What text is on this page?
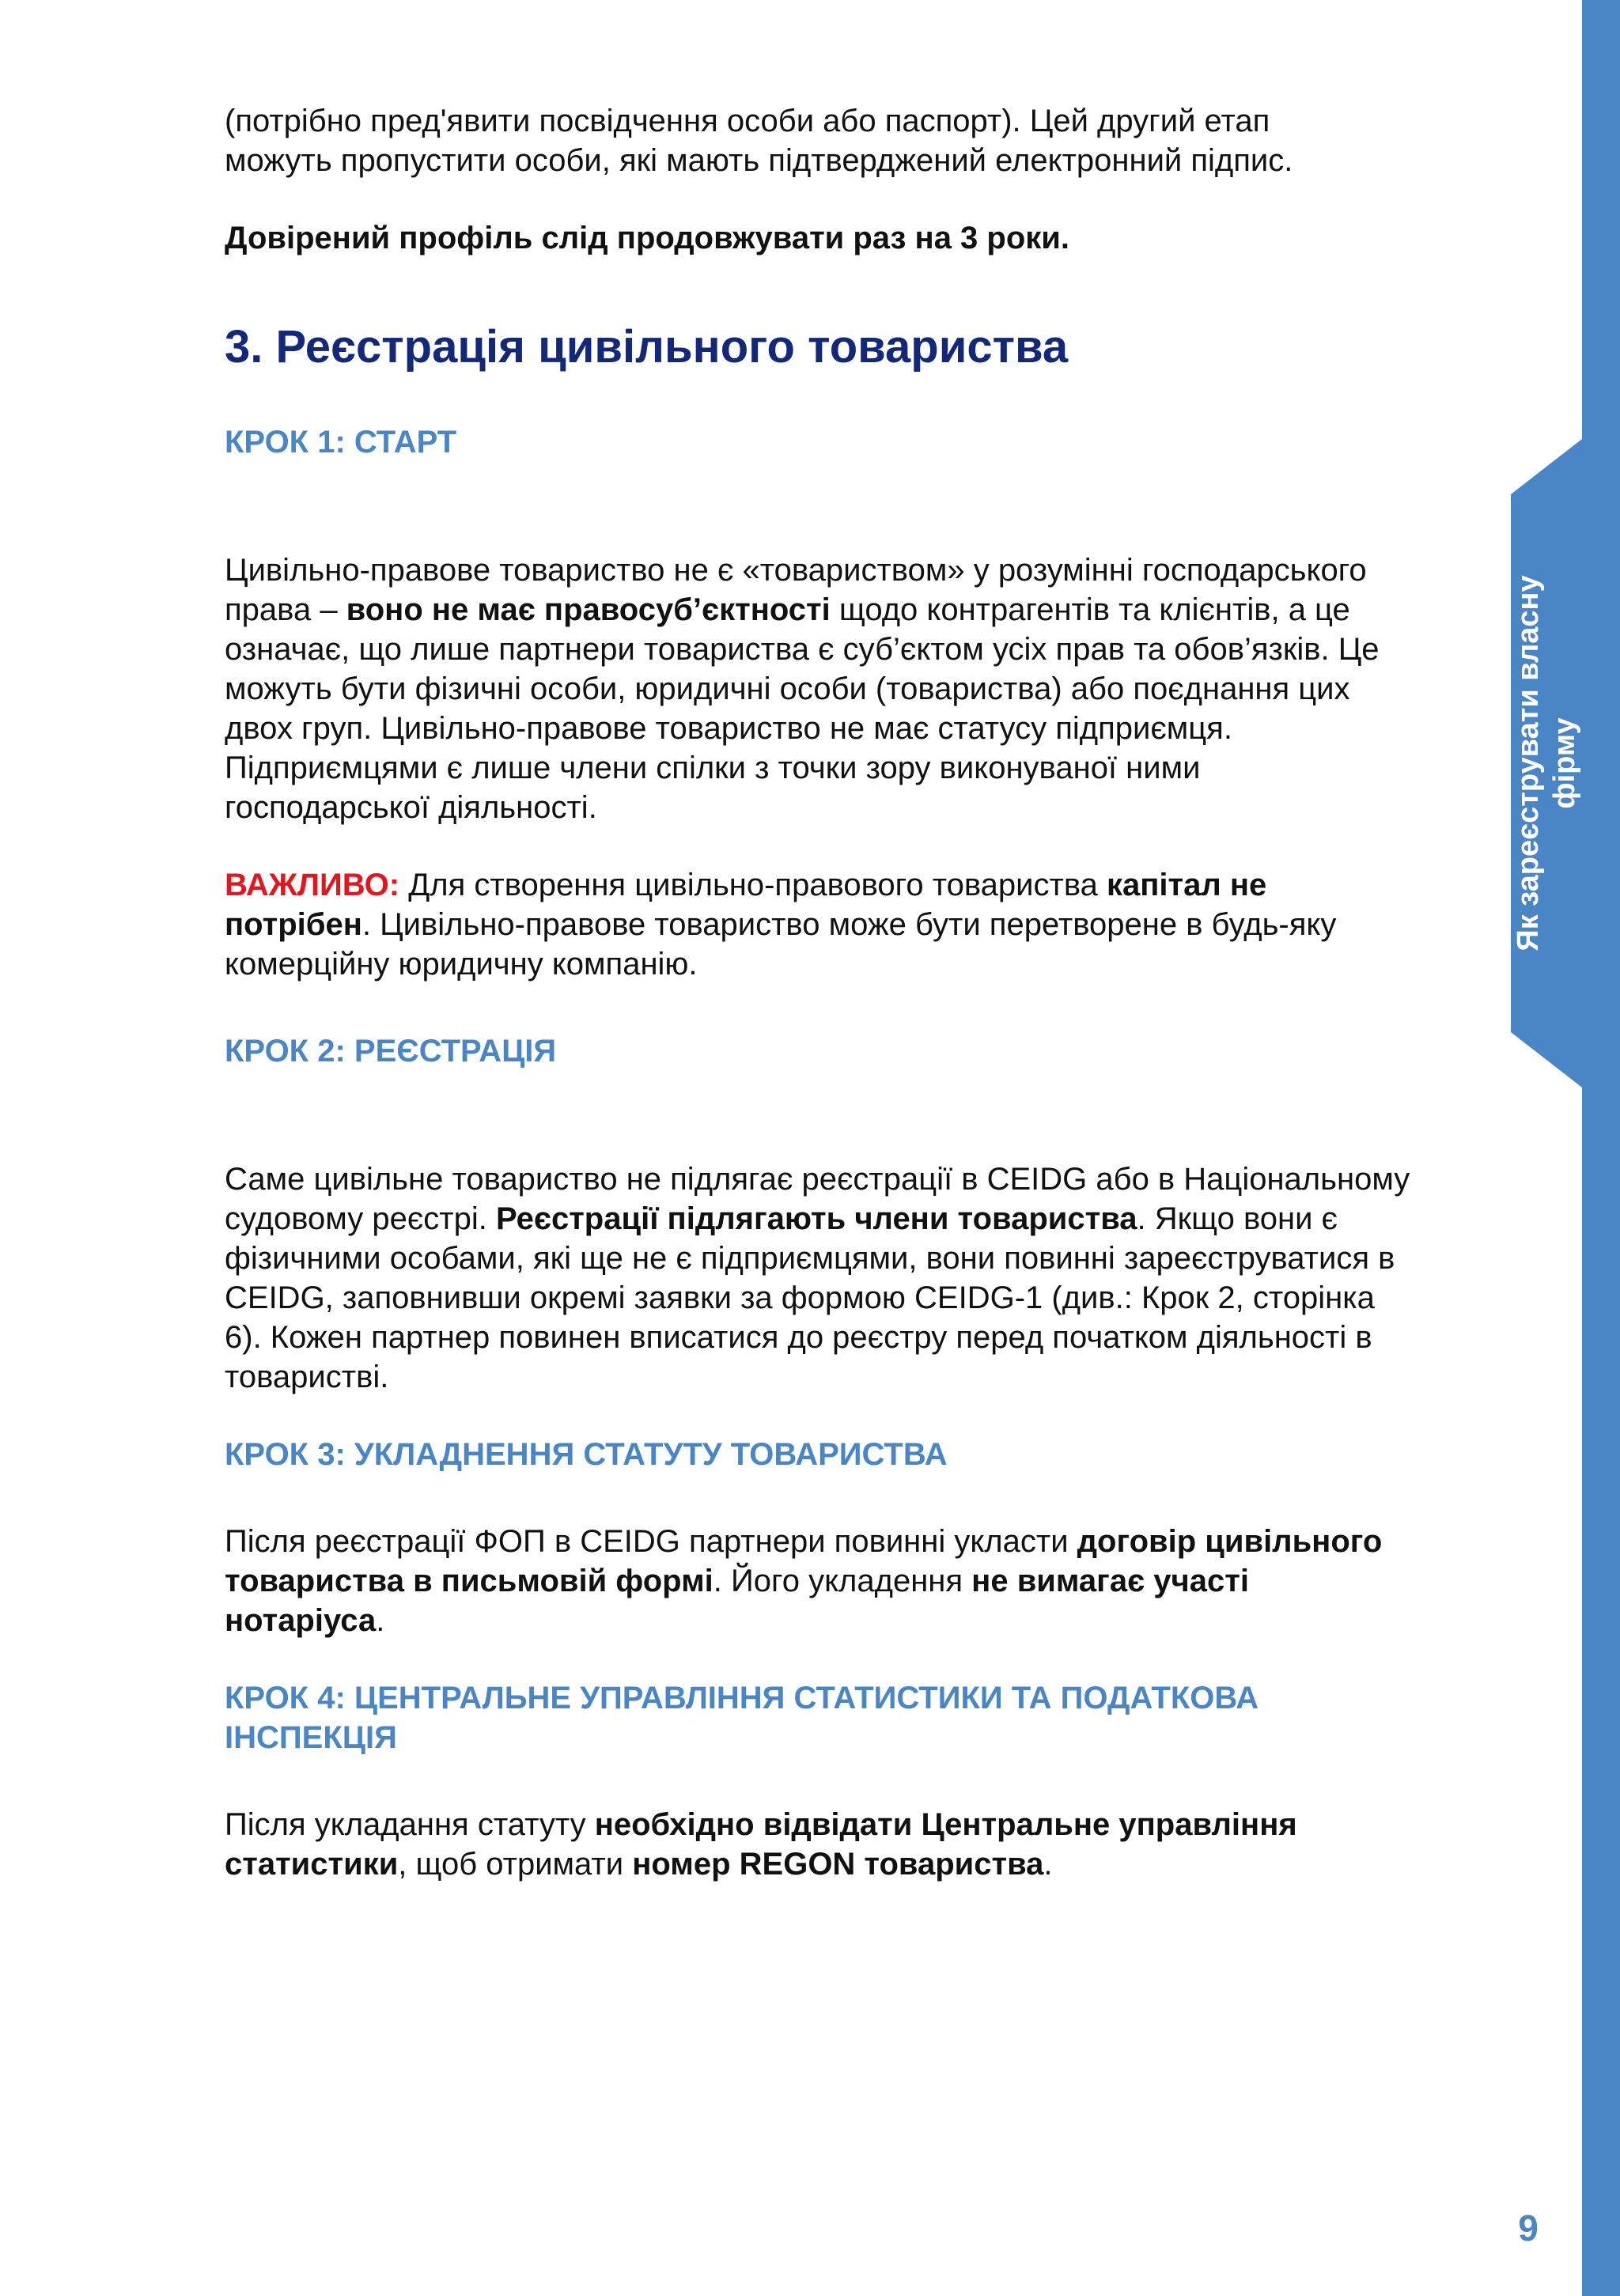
Як зареєструвати власну фірму

(потрібно пред'явити посвідчення особи або паспорт). Цей другий етап
можуть пропустити особи, які мають підтверджений електронний підпис.

Довірений профіль слід продовжувати раз на 3 роки.

3. Реєстрація цивільного товариства

КРОК 1: СТАРТ

Цивільно-правове товариство не є «товариством» у розумінні господарського права – воно не має правосуб’єктності щодо контрагентів та клієнтів, а це означає, що лише партнери товариства є суб’єктом усіх прав та обов’язків. Це можуть бути фізичні особи, юридичні особи (товариства) або поєднання цих двох груп. Цивільно-правове товариство не має статусу підприємця. Підприємцями є лише члени спілки з точки зору виконуваної ними господарської діяльності.

ВАЖЛИВО: Для створення цивільно-правового товариства капітал не потрібен. Цивільно-правове товариство може бути перетворене в будь-яку комерційну юридичну компанію.

КРОК 2: РЕЄСТРАЦІЯ

Саме цивільне товариство не підлягає реєстрації в CEIDG або в Національному судовому реєстрі. Реєстрації підлягають члени товариства. Якщо вони є фізичними особами, які ще не є підприємцями, вони повинні зареєструватися в CEIDG, заповнивши окремі заявки за формою CEIDG-1 (див.: Крок 2, сторінка 6). Кожен партнер повинен вписатися до реєстру перед початком діяльності в товаристві.

КРОК 3: УКЛАДНЕННЯ СТАТУТУ ТОВАРИСТВА

Після реєстрації ФОП в CEIDG партнери повинні укласти договір цивільного товариства в письмовій формі. Його укладення не вимагає участі нотаріуса.

КРОК 4: ЦЕНТРАЛЬНЕ УПРАВЛІННЯ СТАТИСТИКИ ТА ПОДАТКОВА ІНСПЕКЦІЯ

Після укладання статуту необхідно відвідати Центральне управління статистики, щоб отримати номер REGON товариства.

9
